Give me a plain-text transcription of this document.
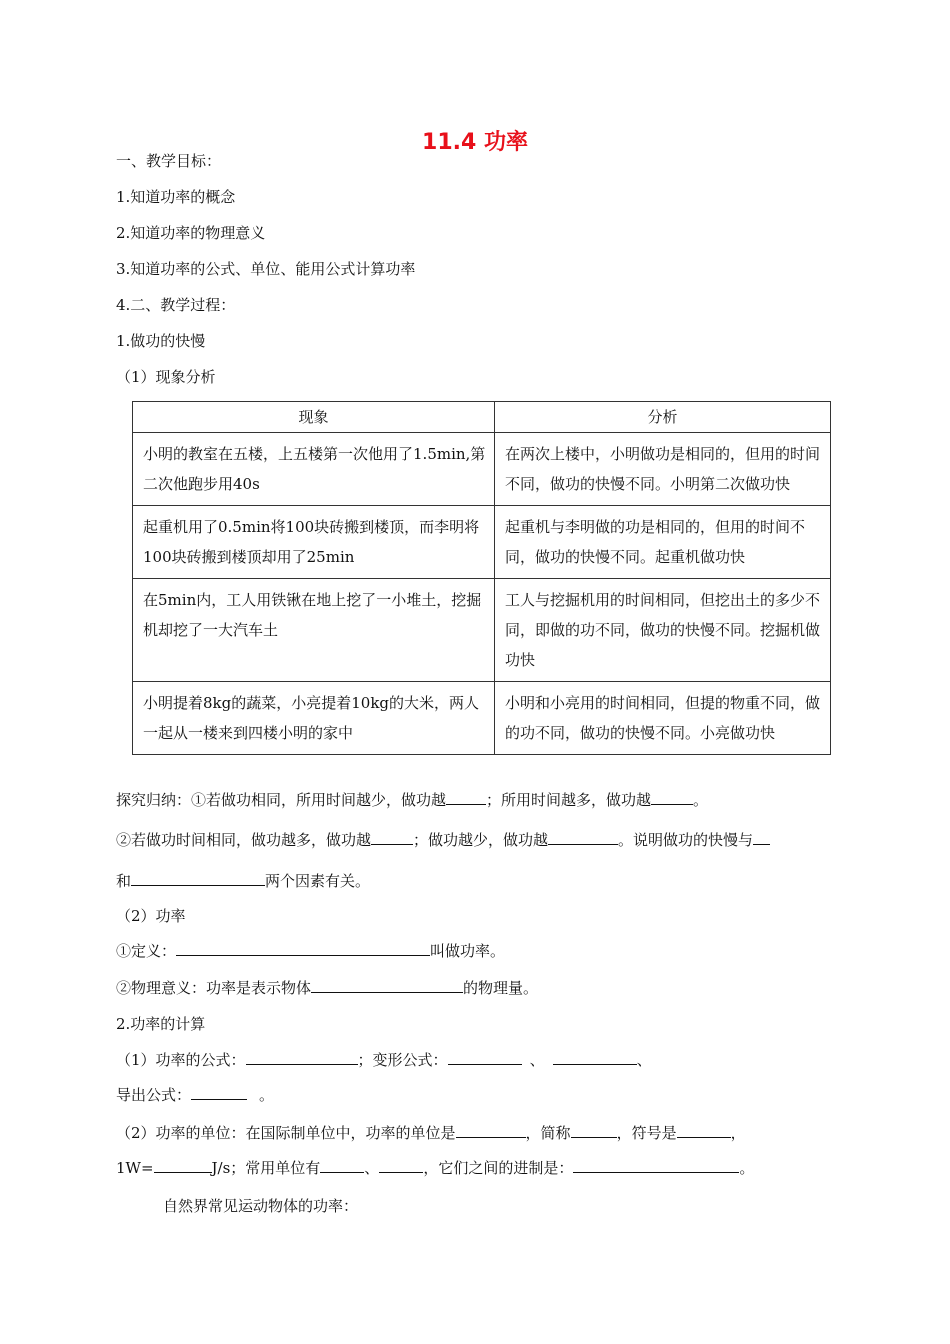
11.4 功率
一、教学目标：
1.知道功率的概念
2.知道功率的物理意义
3.知道功率的公式、单位、能用公式计算功率
4.二、教学过程：
1.做功的快慢
（1）现象分析
现象	分析
小明的教室在五楼，上五楼第一次他用了1.5min,第二次他跑步用40s	在两次上楼中，小明做功是相同的，但用的时间不同，做功的快慢不同。小明第二次做功快
起重机用了0.5min将100块砖搬到楼顶，而李明将100块砖搬到楼顶却用了25min	起重机与李明做的功是相同的，但用的时间不同，做功的快慢不同。起重机做功快
在5min内，工人用铁锹在地上挖了一小堆土，挖掘机却挖了一大汽车土	工人与挖掘机用的时间相同，但挖出土的多少不同，即做的功不同，做功的快慢不同。挖掘机做功快
小明提着8kg的蔬菜，小亮提着10kg的大米，两人一起从一楼来到四楼小明的家中	小明和小亮用的时间相同，但提的物重不同，做的功不同，做功的快慢不同。小亮做功快
探究归纳：①若做功相同，所用时间越少，做功越	；所用时间越多，做功越	。
②若做功时间相同，做功越多，做功越	；做功越少，做功越	。说明做功的快慢与
和	两个因素有关。
（2）功率
①定义：	叫做功率。
②物理意义：功率是表示物体	的物理量。
2.功率的计算
（1）功率的公式：	；变形公式：	、	、
导出公式：	。
（2）功率的单位：在国际制单位中，功率的单位是	，简称	，符号是	，
1W=	J/s；常用单位有	、	，它们之间的进制是：	。
自然界常见运动物体的功率：
